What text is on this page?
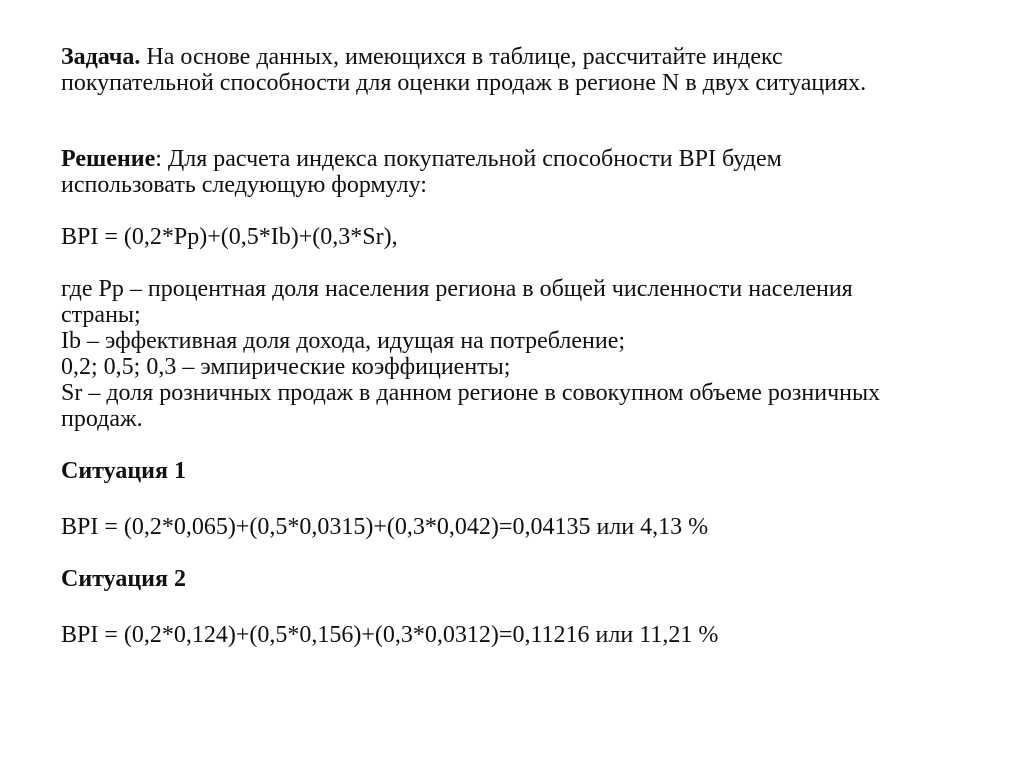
Задача. На основе данных, имеющихся в таблице, рассчитайте индекс
покупательной способности для оценки продаж в регионе N в двух ситуациях.

Решение: Для расчета индекса покупательной способности BPI будем
использовать следующую формулу:

BPI = (0,2*Pp)+(0,5*Ib)+(0,3*Sr),

где Pp – процентная доля населения региона в общей численности населения
страны;
Ib – эффективная доля дохода, идущая на потребление;
0,2; 0,5; 0,3 – эмпирические коэффициенты;
Sr – доля розничных продаж в данном регионе в совокупном объеме розничных
продаж.

Ситуация 1

BPI = (0,2*0,065)+(0,5*0,0315)+(0,3*0,042)=0,04135 или 4,13 %

Ситуация 2

BPI = (0,2*0,124)+(0,5*0,156)+(0,3*0,0312)=0,11216 или 11,21 %
